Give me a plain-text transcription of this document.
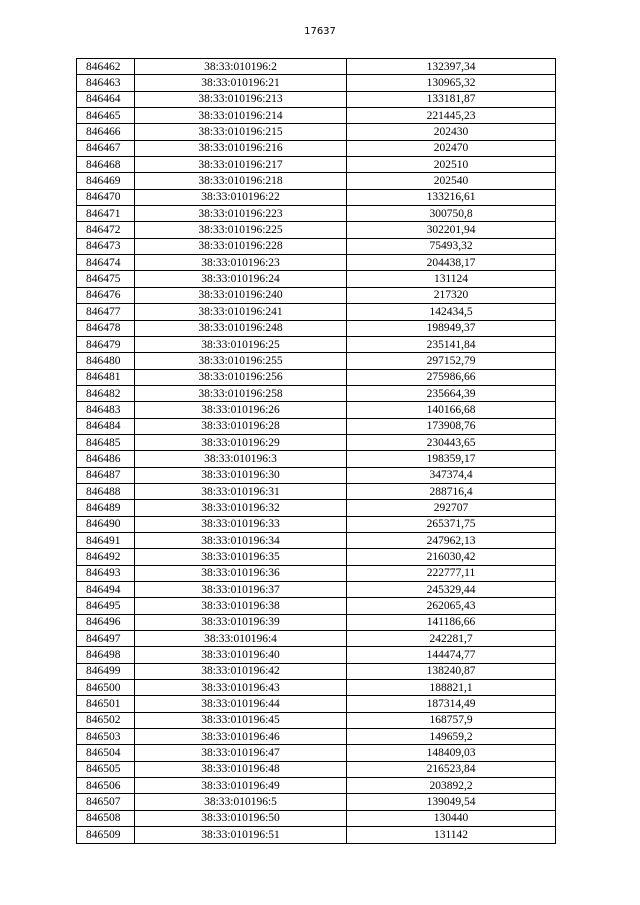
17637
846462	38:33:010196:2	132397,34
846463	38:33:010196:21	130965,32
846464	38:33:010196:213	133181,87
846465	38:33:010196:214	221445,23
846466	38:33:010196:215	202430
846467	38:33:010196:216	202470
846468	38:33:010196:217	202510
846469	38:33:010196:218	202540
846470	38:33:010196:22	133216,61
846471	38:33:010196:223	300750,8
846472	38:33:010196:225	302201,94
846473	38:33:010196:228	75493,32
846474	38:33:010196:23	204438,17
846475	38:33:010196:24	131124
846476	38:33:010196:240	217320
846477	38:33:010196:241	142434,5
846478	38:33:010196:248	198949,37
846479	38:33:010196:25	235141,84
846480	38:33:010196:255	297152,79
846481	38:33:010196:256	275986,66
846482	38:33:010196:258	235664,39
846483	38:33:010196:26	140166,68
846484	38:33:010196:28	173908,76
846485	38:33:010196:29	230443,65
846486	38:33:010196:3	198359,17
846487	38:33:010196:30	347374,4
846488	38:33:010196:31	288716,4
846489	38:33:010196:32	292707
846490	38:33:010196:33	265371,75
846491	38:33:010196:34	247962,13
846492	38:33:010196:35	216030,42
846493	38:33:010196:36	222777,11
846494	38:33:010196:37	245329,44
846495	38:33:010196:38	262065,43
846496	38:33:010196:39	141186,66
846497	38:33:010196:4	242281,7
846498	38:33:010196:40	144474,77
846499	38:33:010196:42	138240,87
846500	38:33:010196:43	188821,1
846501	38:33:010196:44	187314,49
846502	38:33:010196:45	168757,9
846503	38:33:010196:46	149659,2
846504	38:33:010196:47	148409,03
846505	38:33:010196:48	216523,84
846506	38:33:010196:49	203892,2
846507	38:33:010196:5	139049,54
846508	38:33:010196:50	130440
846509	38:33:010196:51	131142
